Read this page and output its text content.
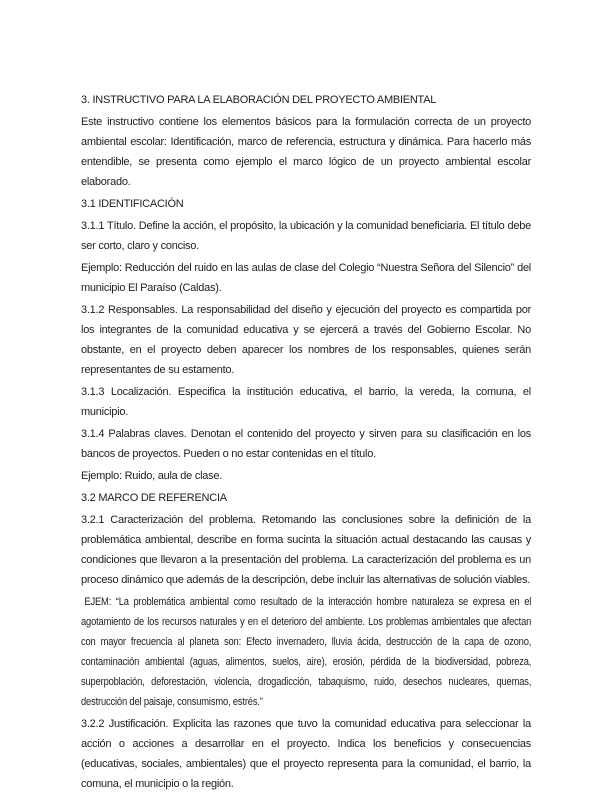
3. INSTRUCTIVO PARA LA ELABORACIÓN DEL PROYECTO AMBIENTAL

Este instructivo contiene los elementos básicos para la formulación correcta de un proyecto ambiental escolar: Identificación, marco de referencia, estructura y dinámica. Para hacerlo más entendible, se presenta como ejemplo el marco lógico de un proyecto ambiental escolar elaborado.

3.1 IDENTIFICACIÓN

3.1.1 Título. Define la acción, el propósito, la ubicación y la comunidad beneficiaria. El título debe ser corto, claro y conciso.

Ejemplo: Reducción del ruido en las aulas de clase del Colegio “Nuestra Señora del Silencio” del municipio El Paraíso (Caldas).

3.1.2 Responsables. La responsabilidad del diseño y ejecución del proyecto es compartida por los integrantes de la comunidad educativa y se ejercerá a través del Gobierno Escolar. No obstante, en el proyecto deben aparecer los nombres de los responsables, quienes serán representantes de su estamento.

3.1.3 Localización. Especifica la institución educativa, el barrio, la vereda, la comuna, el municipio.

3.1.4 Palabras claves. Denotan el contenido del proyecto y sirven para su clasificación en los bancos de proyectos. Pueden o no estar contenidas en el título.

Ejemplo: Ruido, aula de clase.

3.2 MARCO DE REFERENCIA

3.2.1 Caracterización del problema. Retomando las conclusiones sobre la definición de la problemática ambiental, describe en forma sucinta la situación actual destacando las causas y condiciones que llevaron a la presentación del problema. La caracterización del problema es un proceso dinámico que además de la descripción, debe incluir las alternativas de solución viables.

EJEM: “La problemática ambiental como resultado de la interacción hombre naturaleza se expresa en el agotamiento de los recursos naturales y en el deterioro del ambiente. Los problemas ambientales que afectan con mayor frecuencia al planeta son: Efecto invernadero, lluvia ácida, destrucción de la capa de ozono, contaminación ambiental (aguas, alimentos, suelos, aire), erosión, pérdida de la biodiversidad, pobreza, superpoblación, deforestación, violencia, drogadicción, tabaquismo, ruido, desechos nucleares, quemas, destrucción del paisaje, consumismo, estrés.”

3.2.2 Justificación. Explicita las razones que tuvo la comunidad educativa para seleccionar la acción o acciones a desarrollar en el proyecto. Indica los beneficios y consecuencias (educativas, sociales, ambientales) que el proyecto representa para la comunidad, el barrio, la comuna, el municipio o la región.
